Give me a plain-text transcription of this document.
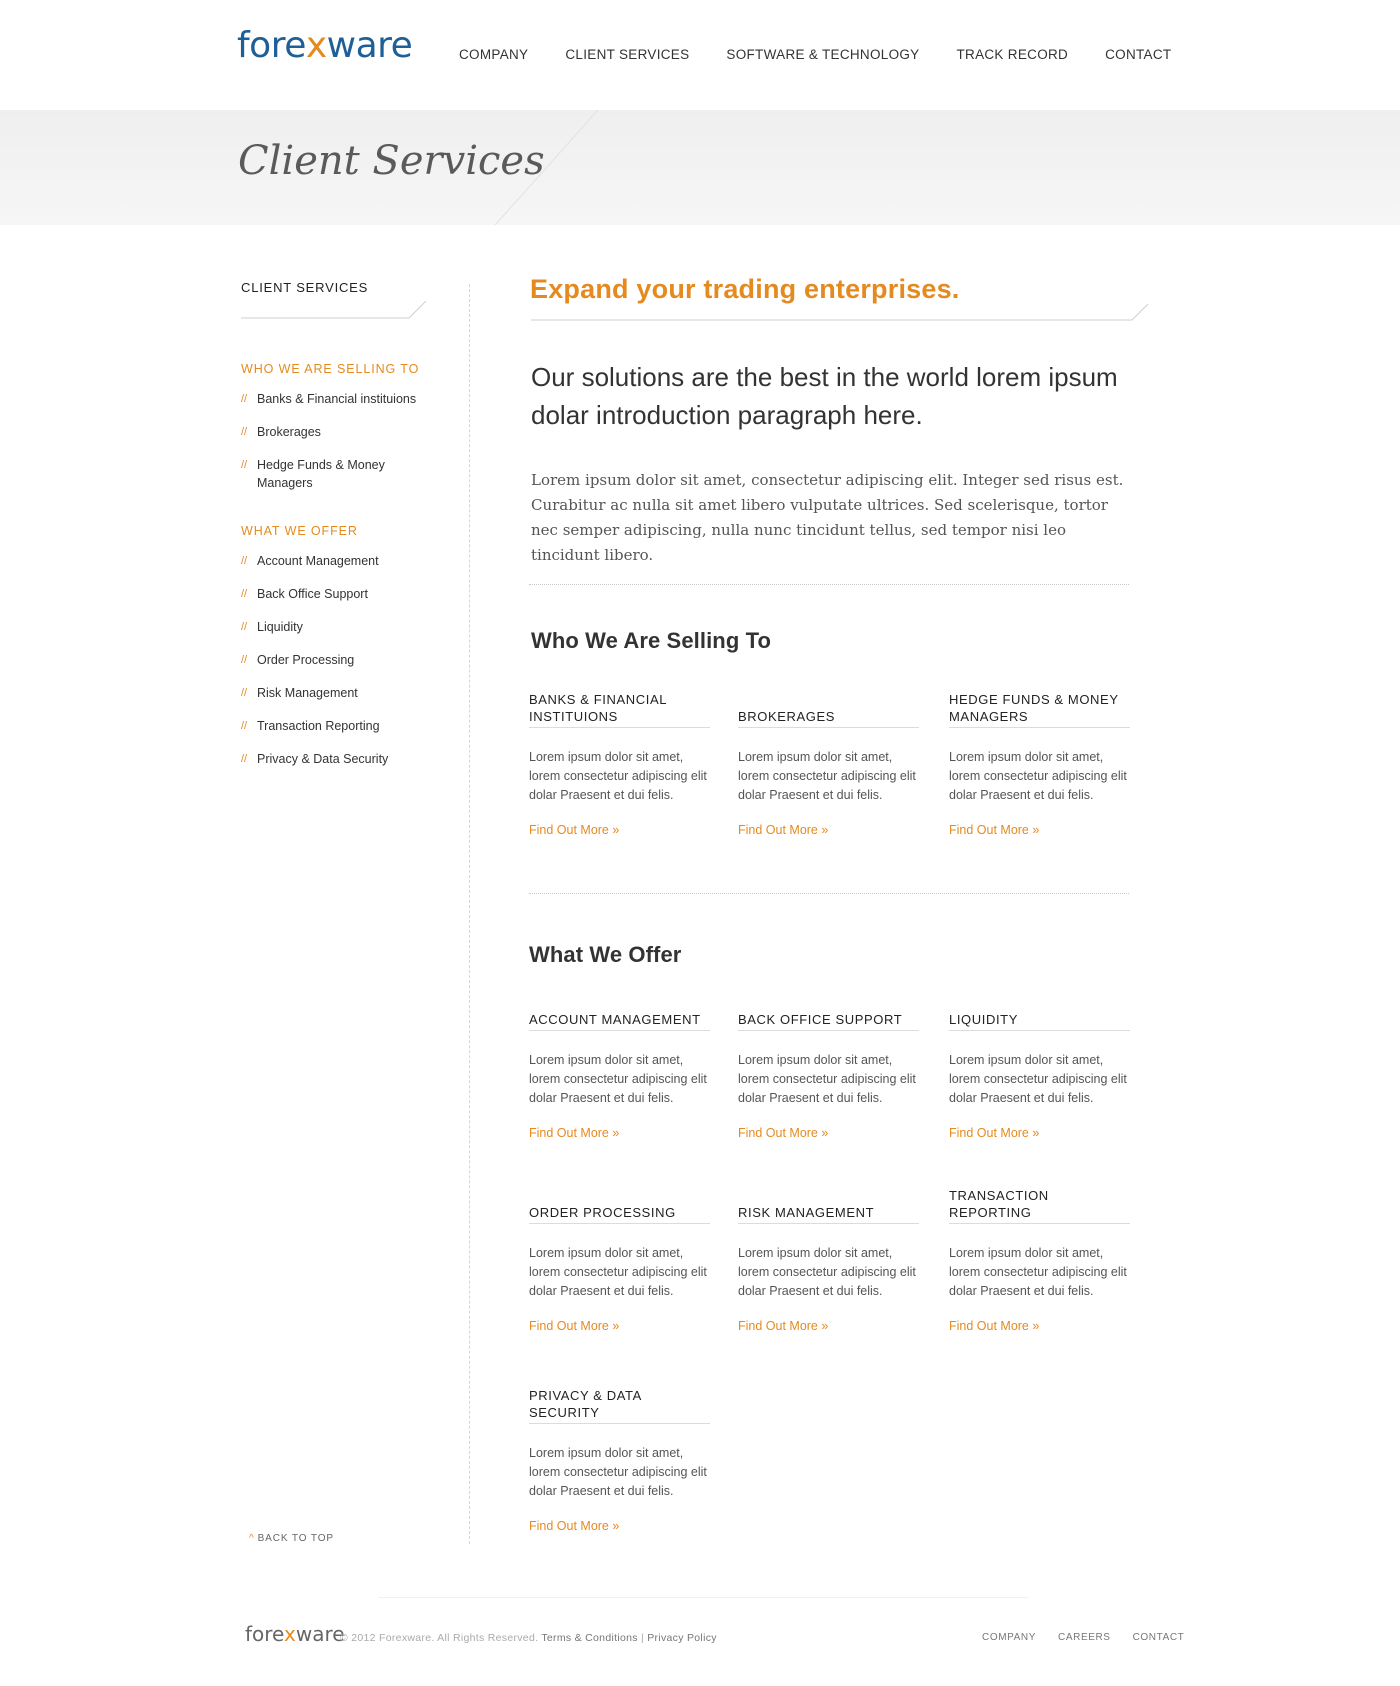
fore x ware	COMPANY	CLIENT SERVICES	SOFTWARE & TECHNOLOGY	TRACK RECORD	CONTACT
Client Services
CLIENT SERVICES
WHO WE ARE SELLING TO
// Banks & Financial instituions
// Brokerages
// Hedge Funds & Money Managers
WHAT WE OFFER
// Account Management
// Back Office Support
// Liquidity
// Order Processing
// Risk Management
// Transaction Reporting
// Privacy & Data Security
^ BACK TO TOP
Expand your trading enterprises.
Our solutions are the best in the world lorem ipsum dolar introduction paragraph here.
Lorem ipsum dolor sit amet, consectetur adipiscing elit. Integer sed risus est. Curabitur ac nulla sit amet libero vulputate ultrices. Sed scelerisque, tortor nec semper adipiscing, nulla nunc tincidunt tellus, sed tempor nisi leo tincidunt libero.
Who We Are Selling To
BANKS & FINANCIAL INSTITUIONS
Lorem ipsum dolor sit amet, lorem consectetur adipiscing elit dolar Praesent et dui felis.
Find Out More »
BROKERAGES
Lorem ipsum dolor sit amet, lorem consectetur adipiscing elit dolar Praesent et dui felis.
Find Out More »
HEDGE FUNDS & MONEY MANAGERS
Lorem ipsum dolor sit amet, lorem consectetur adipiscing elit dolar Praesent et dui felis.
Find Out More »
What We Offer
ACCOUNT MANAGEMENT
Lorem ipsum dolor sit amet, lorem consectetur adipiscing elit dolar Praesent et dui felis.
Find Out More »
BACK OFFICE SUPPORT
Lorem ipsum dolor sit amet, lorem consectetur adipiscing elit dolar Praesent et dui felis.
Find Out More »
LIQUIDITY
Lorem ipsum dolor sit amet, lorem consectetur adipiscing elit dolar Praesent et dui felis.
Find Out More »
ORDER PROCESSING
Lorem ipsum dolor sit amet, lorem consectetur adipiscing elit dolar Praesent et dui felis.
Find Out More »
RISK MANAGEMENT
Lorem ipsum dolor sit amet, lorem consectetur adipiscing elit dolar Praesent et dui felis.
Find Out More »
TRANSACTION REPORTING
Lorem ipsum dolor sit amet, lorem consectetur adipiscing elit dolar Praesent et dui felis.
Find Out More »
PRIVACY & DATA SECURITY
Lorem ipsum dolor sit amet, lorem consectetur adipiscing elit dolar Praesent et dui felis.
Find Out More »
forexware
© 2012 Forexware. All Rights Reserved. Terms & Conditions | Privacy Policy	COMPANY CAREERS CONTACT
